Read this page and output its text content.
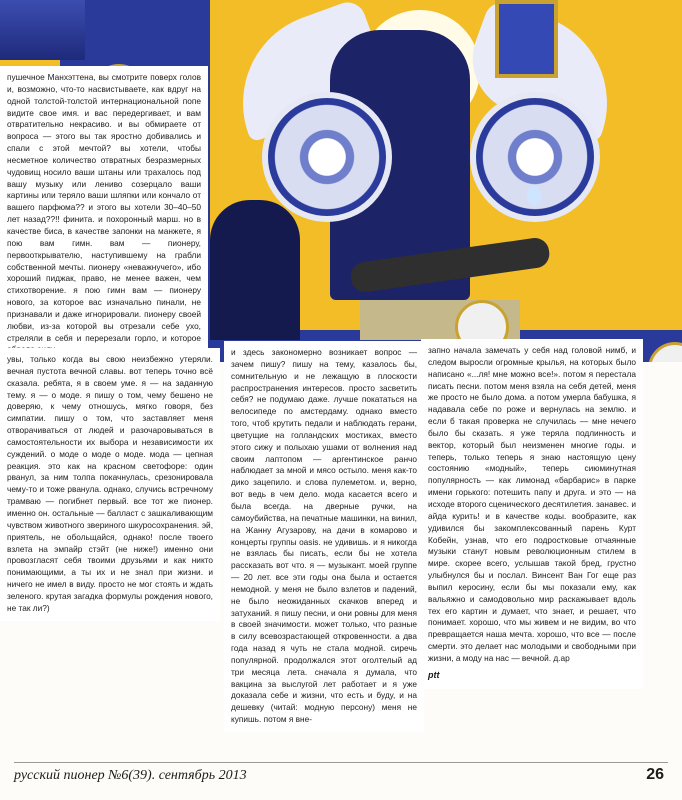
пушечное Манхэттена, вы смотрите поверх голов и, возможно, что-то насвистываете, как вдруг на одной толстой-толстой интернациональной попе видите свое имя. и вас передергивает, и вам отвратительно некрасиво. и вы обмираете от вопроса — этого вы так яростно добивались и спали с этой мечтой? вы хотели, чтобы несметное количество отвратных безразмерных чудовищ носило ваши штаны или трахалось под вашу музыку или лениво созерцало ваши картины или теряло ваши шляпки или кончало от вашего парфюма?? и этого вы хотели 30–40–50 лет назад??!! финита. и похоронный марш. но в качестве биса, в качестве запонки на манжете, я пою вам гимн. вам — пионеру, первооткрывателю, наступившему на грабли собственной мечты. пионеру «неважнучего», ибо хороший пиджак, право, не менее важен, чем стихотворение. я пою гимн вам — пионеру нового, за которое вас изначально пинали, не признавали и даже игнорировали. пионеру своей любви, из-за которой вы отрезали себе ухо, стреляли в себя и перерезали горло, и которое

увы, только когда вы свою неизбежно утеряли. вечная пустота вечной славы. вот теперь точно всё сказала. ребята, я в своем уме. я — на заданную тему. я — о моде. я пишу о том, чему бешено не доверяю, к чему отношусь, мягко говоря, без симпатии. пишу о том, что заставляет меня отворачиваться от людей и разочаровываться в самостоятельности их выбора и независимости их суждений. о моде о моде о моде. мода — цепная реакция. это как на красном светофоре: один рванул, за ним толпа покачнулась, срезонировала чему-то и тоже рванула. однако, случись встречному трамваю — погибнет первый. все тот же пионер. именно он. остальные — балласт с зашкаливающим чувством животного звериного шкуросохранения. эй, приятель, не обольщайся, однако! после твоего взлета на эмпайр стэйт (не ниже!) именно они провозгласят себя твоими друзьями и как никто понимающими, а ты их и не знал при жизни. и ничего не имел в виду. просто не мог стоять и ждать зеленого. крутая загадка формулы рождения нового, не так ли?)

и здесь закономерно возникает вопрос — зачем пишу? пишу на тему, казалось бы, сомнительную и не лежащую в плоскости распространения интересов. просто засветить себя? не подумаю даже. лучше покататься на велосипеде по амстердаму. однако вместо того, чтоб крутить педали и наблюдать герани, цветущие на голландских мостиках, вместо этого сижу и полыхаю ушами от волнения над своим лаптопом — аргентинское ранчо наблюдает за мной и мясо остыло. меня как-то дико зацепило. и слова пулеметом. и, верно, вот ведь в чем дело. мода касается всего и была всегда. на дверные ручки, на самоубийства, на печатные машинки, на винил, на Жанну Агузарову, на дачи в комарово и концерты группы oasis. не удивишь. и я никогда не взялась бы писать, если бы не хотела рассказать вот что. я — музыкант. моей группе — 20 лет. все эти годы она была и остается немодной. у меня не было взлетов и падений, не было неожиданных скачков вперед и затуханий. я пишу песни, и они ровны для меня в своей значимости. может только, что разные в силу всевозрастающей откровенности. а два года назад я чуть не стала модной. сиречь популярной. продолжался этот оголтелый ад три месяца лета. сначала я думала, что вакцина за выслугой лет работает и я уже доказала себе и жизни, что есть и буду, и на дешевку (читай: модную персону) меня не купишь. потом я вне-

запно начала замечать у себя над головой нимб, и следом выросли огромные крылья, на которых было написано «...ля! мне можно все!». потом я перестала писать песни. потом меня взяла на себя детей, меня же просто не было дома. а потом умерла бабушка, я надавала себе по роже и вернулась на землю. и если б такая проверка не случилась — мне нечего было бы сказать. я уже теряла подлинность и вектор, который был неизменен многие годы. и теперь, только теперь я знаю настоящую цену состоянию «модный», теперь сиюминутная популярность — как лимонад «барбарис» в парке имени горького: потешить папу и друга. и это — на исходе второго сценического десятилетия. занавес. и айда курить! и в качестве коды. вообразите, как удивился бы закомплексованный парень Курт Кобейн, узнав, что его подростковые отчаянные музыки станут новым революционным стилем в мире. скорее всего, услышав такой бред, грустно улыбнулся бы и послал. Винсент Ван Гог еще раз выпил керосину, если бы мы показали ему, как вальяжно и самодовольно мир раскажывает вдоль тех его картин и думает, что знает, и решает, что понимает. хорошо, что мы живем и не видим, во что превращается наша мечта. хорошо, что все — после смерти. это делает нас молодыми и свободными при жизни, а моду на нас — вечной. д.ар

ptt
русский пионер №6(39). сентябрь 2013	26
